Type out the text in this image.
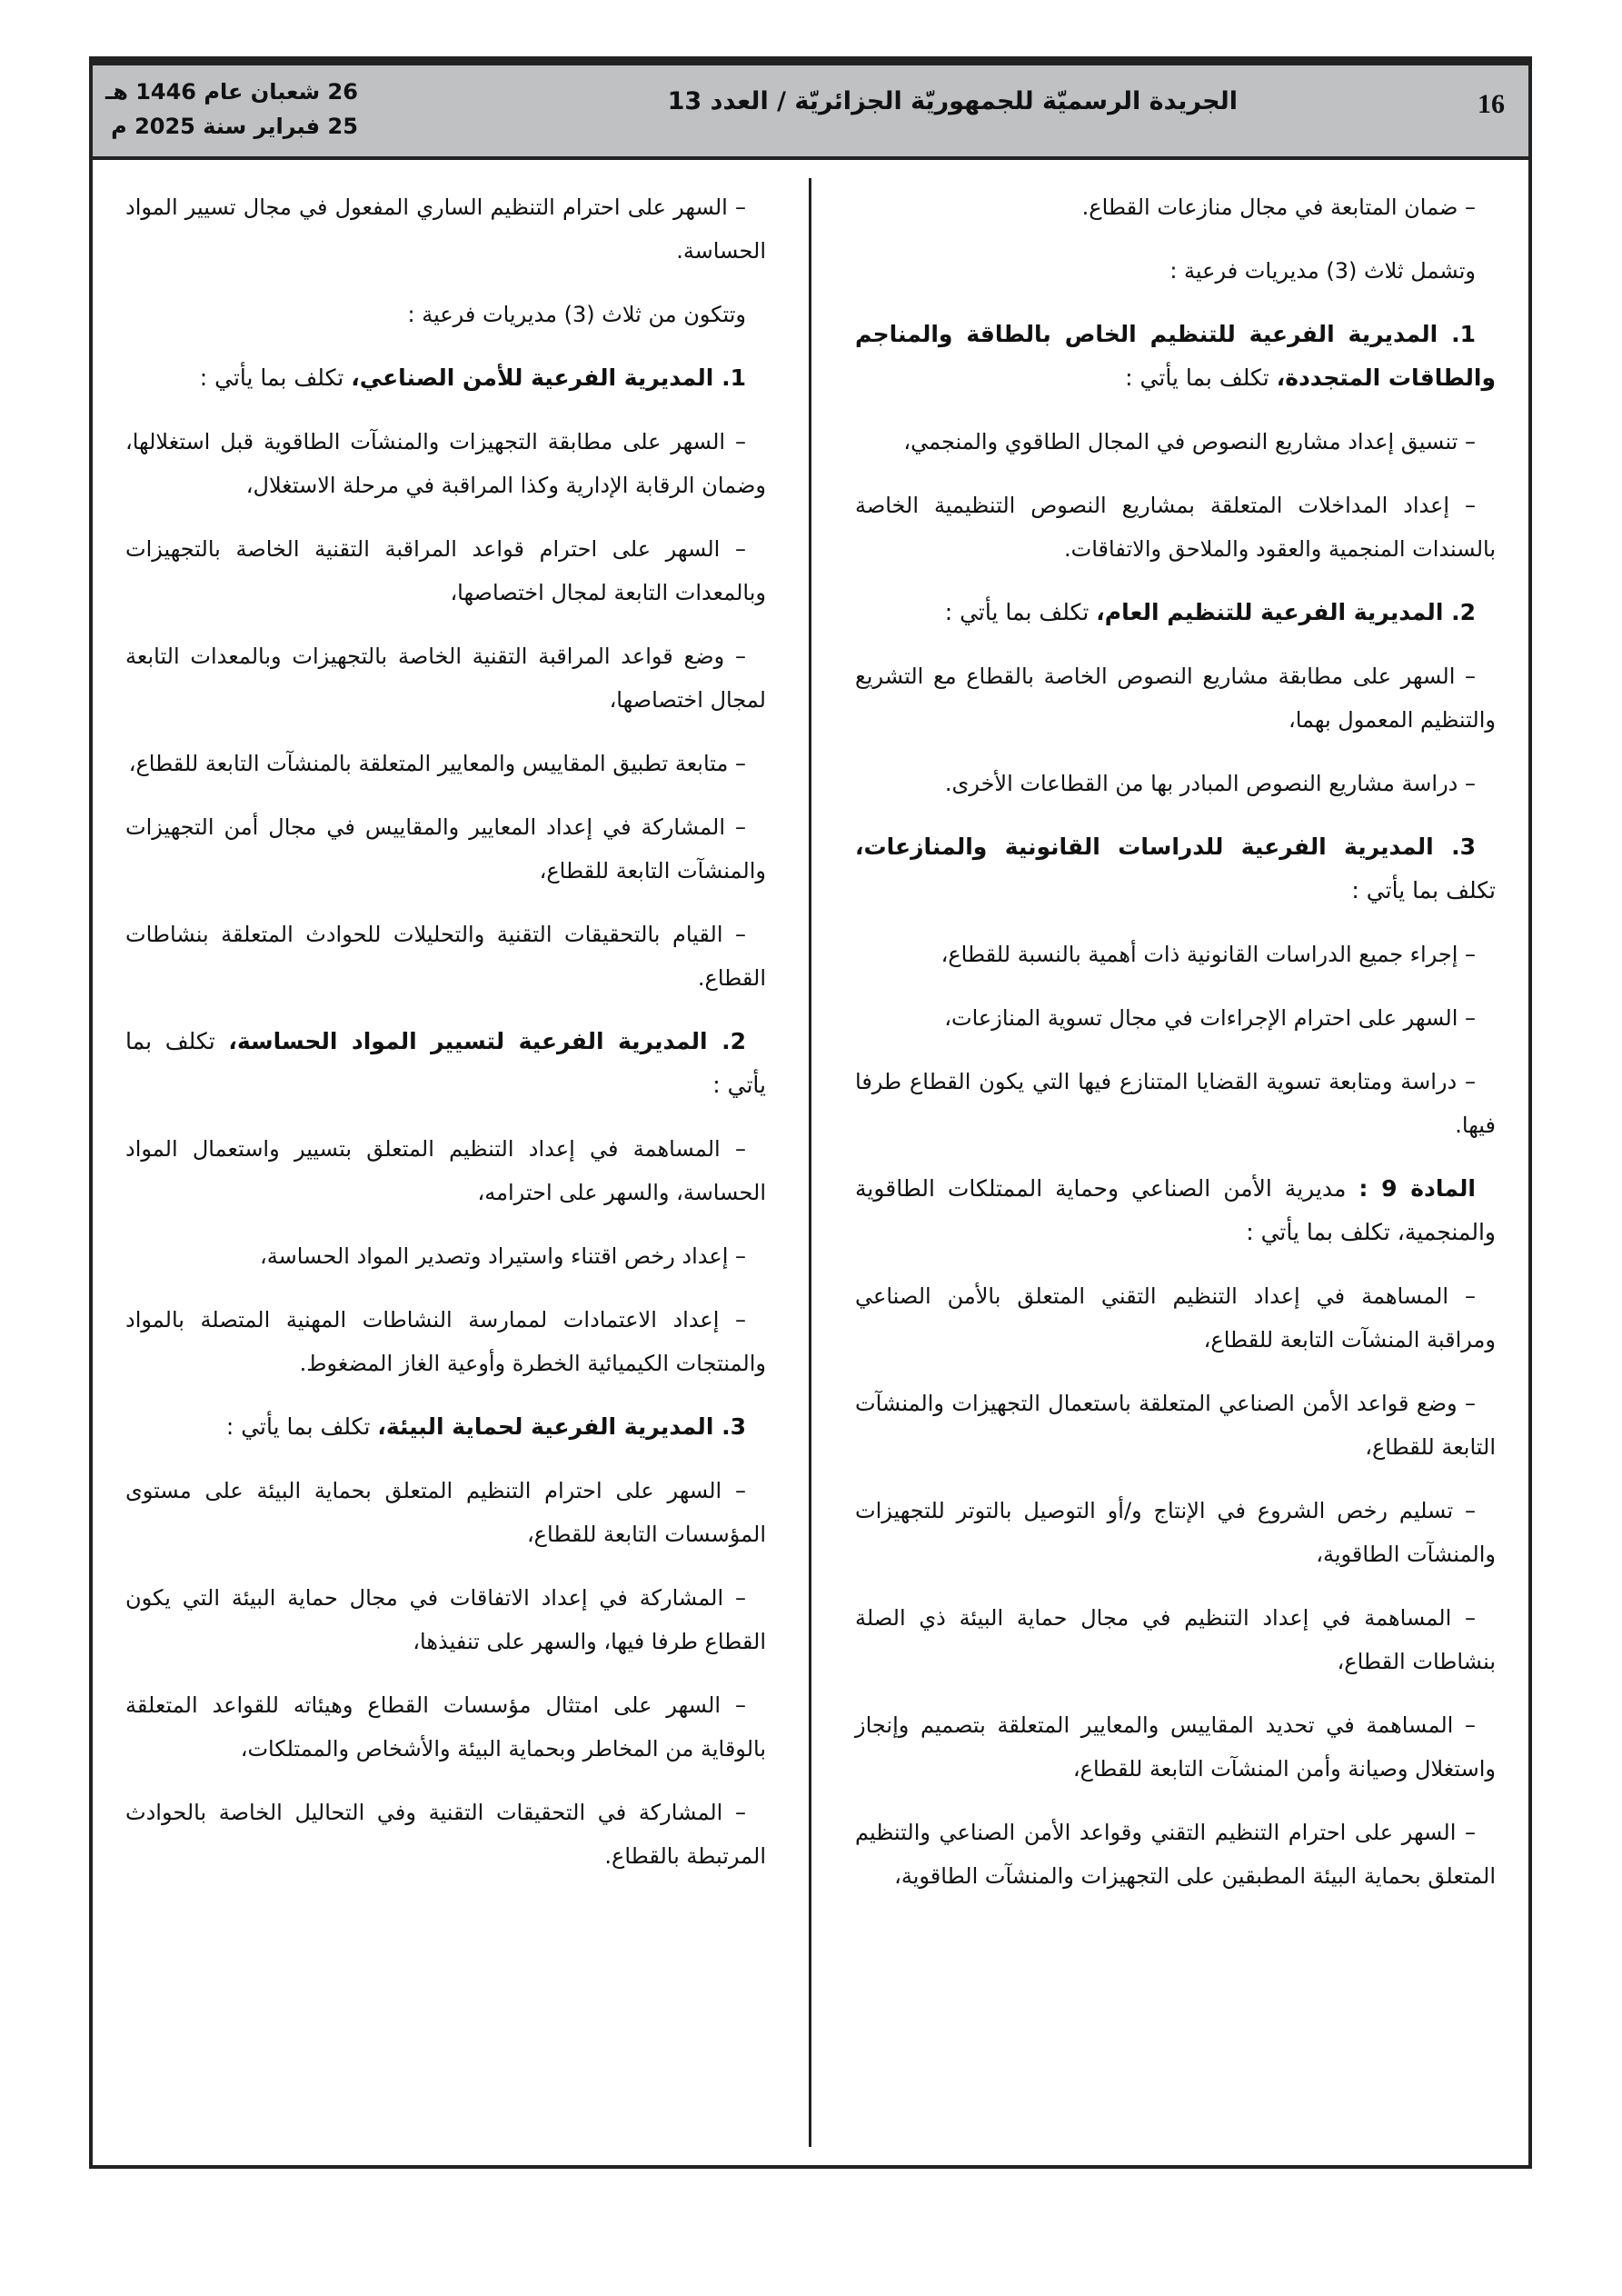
16
الجريدة الرسميّة للجمهوريّة الجزائريّة / العدد 13
26 شعبان عام 1446 هـ
25 فبراير سنة 2025 م

– ضمان المتابعة في مجال منازعات القطاع.

وتشمل ثلاث (3) مديريات فرعية :

1. المديرية الفرعية للتنظيم الخاص بالطاقة والمناجم والطاقات المتجددة، تكلف بما يأتي :

– تنسيق إعداد مشاريع النصوص في المجال الطاقوي والمنجمي،

– إعداد المداخلات المتعلقة بمشاريع النصوص التنظيمية الخاصة بالسندات المنجمية والعقود والملاحق والاتفاقات.

2. المديرية الفرعية للتنظيم العام، تكلف بما يأتي :

– السهر على مطابقة مشاريع النصوص الخاصة بالقطاع مع التشريع والتنظيم المعمول بهما،

– دراسة مشاريع النصوص المبادر بها من القطاعات الأخرى.

3. المديرية الفرعية للدراسات القانونية والمنازعات، تكلف بما يأتي :

– إجراء جميع الدراسات القانونية ذات أهمية بالنسبة للقطاع،

– السهر على احترام الإجراءات في مجال تسوية المنازعات،

– دراسة ومتابعة تسوية القضايا المتنازع فيها التي يكون القطاع طرفا فيها.

المادة 9 : مديرية الأمن الصناعي وحماية الممتلكات الطاقوية والمنجمية، تكلف بما يأتي :

– المساهمة في إعداد التنظيم التقني المتعلق بالأمن الصناعي ومراقبة المنشآت التابعة للقطاع،

– وضع قواعد الأمن الصناعي المتعلقة باستعمال التجهيزات والمنشآت التابعة للقطاع،

– تسليم رخص الشروع في الإنتاج و/أو التوصيل بالتوتر للتجهيزات والمنشآت الطاقوية،

– المساهمة في إعداد التنظيم في مجال حماية البيئة ذي الصلة بنشاطات القطاع،

– المساهمة في تحديد المقاييس والمعايير المتعلقة بتصميم وإنجاز واستغلال وصيانة وأمن المنشآت التابعة للقطاع،

– السهر على احترام التنظيم التقني وقواعد الأمن الصناعي والتنظيم المتعلق بحماية البيئة المطبقين على التجهيزات والمنشآت الطاقوية،

– السهر على احترام التنظيم الساري المفعول في مجال تسيير المواد الحساسة.

وتتكون من ثلاث (3) مديريات فرعية :

1. المديرية الفرعية للأمن الصناعي، تكلف بما يأتي :

– السهر على مطابقة التجهيزات والمنشآت الطاقوية قبل استغلالها، وضمان الرقابة الإدارية وكذا المراقبة في مرحلة الاستغلال،

– السهر على احترام قواعد المراقبة التقنية الخاصة بالتجهيزات وبالمعدات التابعة لمجال اختصاصها،

– وضع قواعد المراقبة التقنية الخاصة بالتجهيزات وبالمعدات التابعة لمجال اختصاصها،

– متابعة تطبيق المقاييس والمعايير المتعلقة بالمنشآت التابعة للقطاع،

– المشاركة في إعداد المعايير والمقاييس في مجال أمن التجهيزات والمنشآت التابعة للقطاع،

– القيام بالتحقيقات التقنية والتحليلات للحوادث المتعلقة بنشاطات القطاع.

2. المديرية الفرعية لتسيير المواد الحساسة، تكلف بما يأتي :

– المساهمة في إعداد التنظيم المتعلق بتسيير واستعمال المواد الحساسة، والسهر على احترامه،

– إعداد رخص اقتناء واستيراد وتصدير المواد الحساسة،

– إعداد الاعتمادات لممارسة النشاطات المهنية المتصلة بالمواد والمنتجات الكيميائية الخطرة وأوعية الغاز المضغوط.

3. المديرية الفرعية لحماية البيئة، تكلف بما يأتي :

– السهر على احترام التنظيم المتعلق بحماية البيئة على مستوى المؤسسات التابعة للقطاع،

– المشاركة في إعداد الاتفاقات في مجال حماية البيئة التي يكون القطاع طرفا فيها، والسهر على تنفيذها،

– السهر على امتثال مؤسسات القطاع وهيئاته للقواعد المتعلقة بالوقاية من المخاطر وبحماية البيئة والأشخاص والممتلكات،

– المشاركة في التحقيقات التقنية وفي التحاليل الخاصة بالحوادث المرتبطة بالقطاع.
